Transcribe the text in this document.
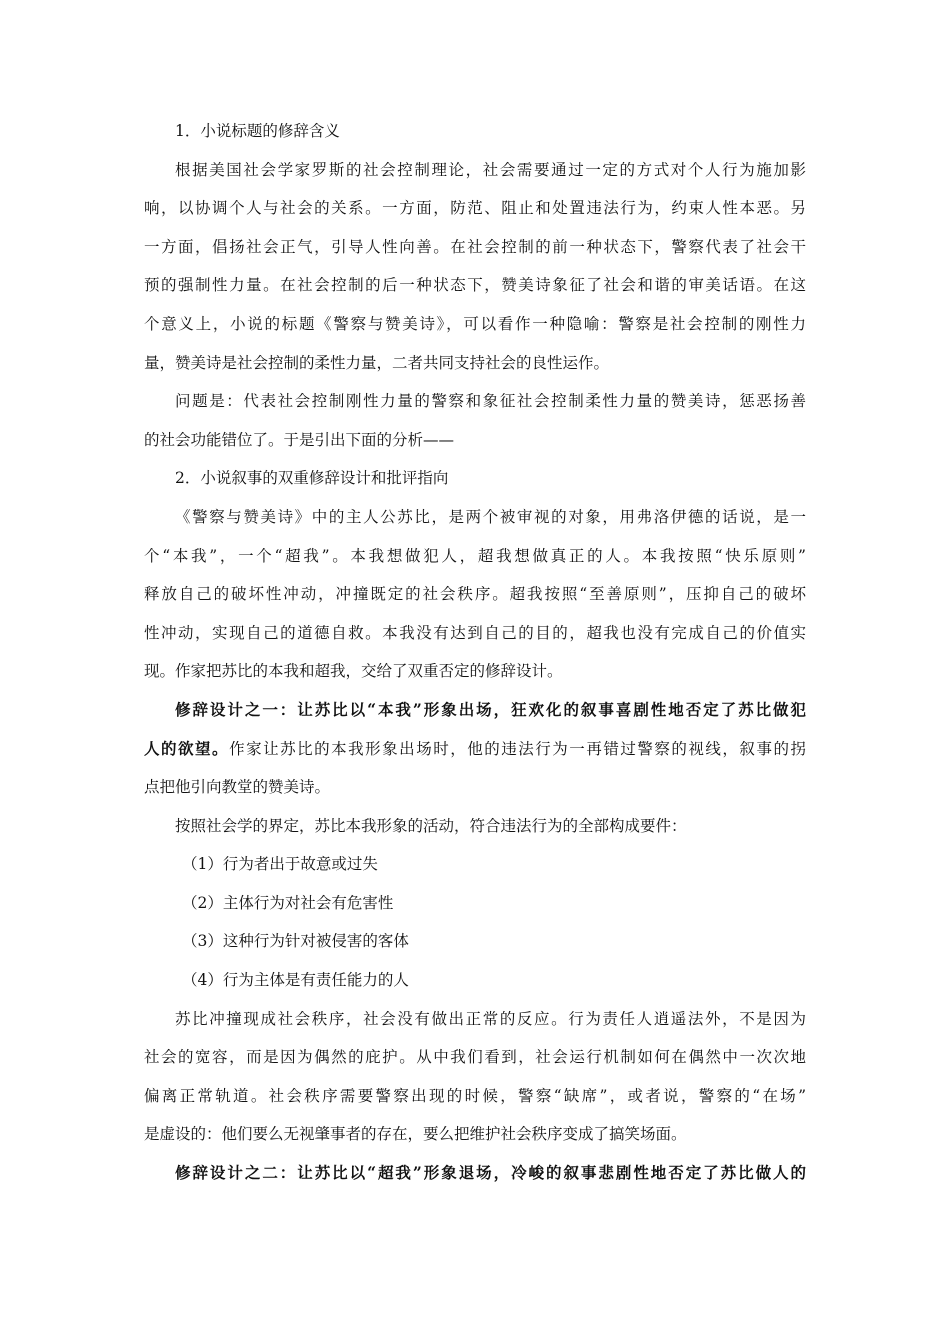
1．小说标题的修辞含义
根据美国社会学家罗斯的社会控制理论，社会需要通过一定的方式对个人行为施加影
响，以协调个人与社会的关系。一方面，防范、阻止和处置违法行为，约束人性本恶。另
一方面，倡扬社会正气，引导人性向善。在社会控制的前一种状态下，警察代表了社会干
预的强制性力量。在社会控制的后一种状态下，赞美诗象征了社会和谐的审美话语。在这
个意义上，小说的标题《警察与赞美诗》，可以看作一种隐喻：警察是社会控制的刚性力
量，赞美诗是社会控制的柔性力量，二者共同支持社会的良性运作。
问题是：代表社会控制刚性力量的警察和象征社会控制柔性力量的赞美诗，惩恶扬善
的社会功能错位了。于是引出下面的分析——
2．小说叙事的双重修辞设计和批评指向
《警察与赞美诗》中的主人公苏比，是两个被审视的对象，用弗洛伊德的话说，是一
个“本我”，一个“超我”。本我想做犯人，超我想做真正的人。本我按照“快乐原则”
释放自己的破坏性冲动，冲撞既定的社会秩序。超我按照“至善原则”，压抑自己的破坏
性冲动，实现自己的道德自救。本我没有达到自己的目的，超我也没有完成自己的价值实
现。作家把苏比的本我和超我，交给了双重否定的修辞设计。
修辞设计之一：让苏比以“本我”形象出场，狂欢化的叙事喜剧性地否定了苏比做犯
人的欲望。作家让苏比的本我形象出场时，他的违法行为一再错过警察的视线，叙事的拐
点把他引向教堂的赞美诗。
按照社会学的界定，苏比本我形象的活动，符合违法行为的全部构成要件：
（1）行为者出于故意或过失
（2）主体行为对社会有危害性
（3）这种行为针对被侵害的客体
（4）行为主体是有责任能力的人
苏比冲撞现成社会秩序，社会没有做出正常的反应。行为责任人逍遥法外，不是因为
社会的宽容，而是因为偶然的庇护。从中我们看到，社会运行机制如何在偶然中一次次地
偏离正常轨道。社会秩序需要警察出现的时候，警察“缺席”，或者说，警察的“在场”
是虚设的：他们要么无视肇事者的存在，要么把维护社会秩序变成了搞笑场面。
修辞设计之二：让苏比以“超我”形象退场，冷峻的叙事悲剧性地否定了苏比做人的
